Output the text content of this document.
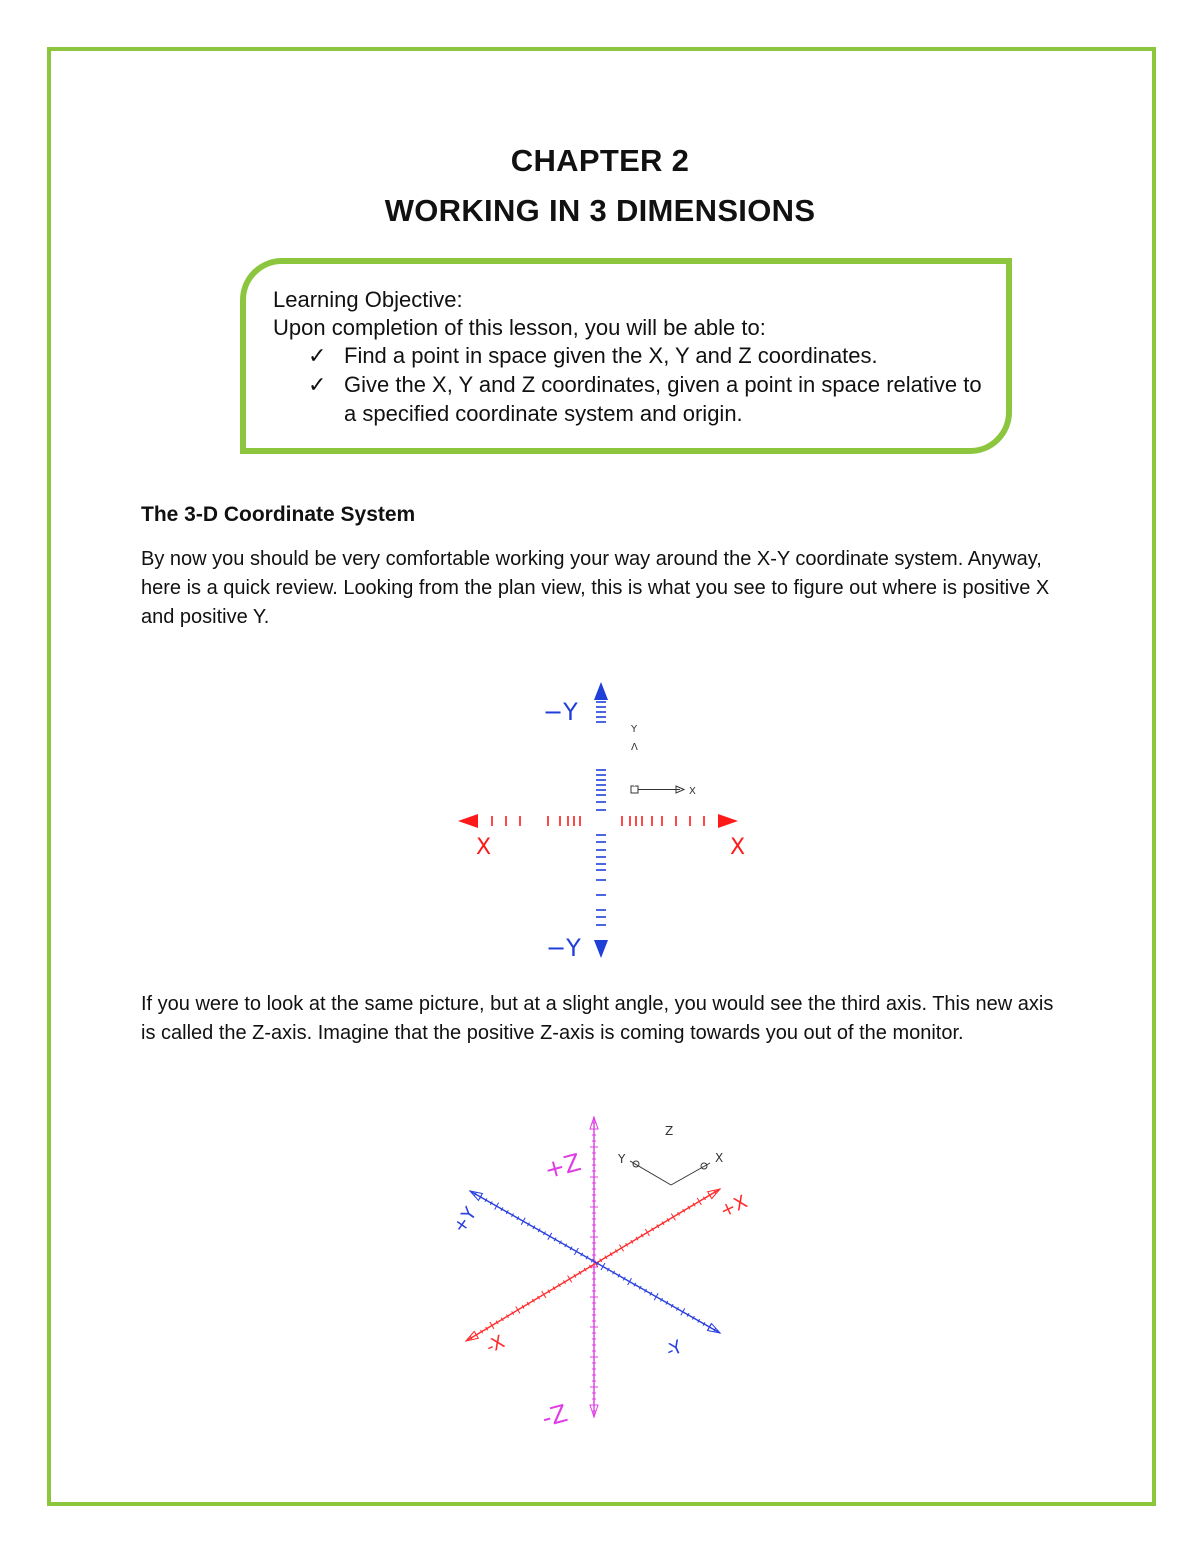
CHAPTER 2
WORKING IN 3 DIMENSIONS
Learning Objective:
Upon completion of this lesson, you will be able to:
✓ Find a point in space given the X, Y and Z coordinates.
✓ Give the X, Y and Z coordinates, given a point in space relative to a specified coordinate system and origin.
The 3-D Coordinate System
By now you should be very comfortable working your way around the X-Y coordinate system. Anyway, here is a quick review. Looking from the plan view, this is what you see to figure out where is positive X and positive Y.
−Y
−Y
X	X
X
Y
Λ
If you were to look at the same picture, but at a slight angle, you would see the third axis. This new axis is called the Z-axis. Imagine that the positive Z-axis is coming towards you out of the monitor.
+Z
-Z
+X
-X
+Y
-Y
Z
X
Y
